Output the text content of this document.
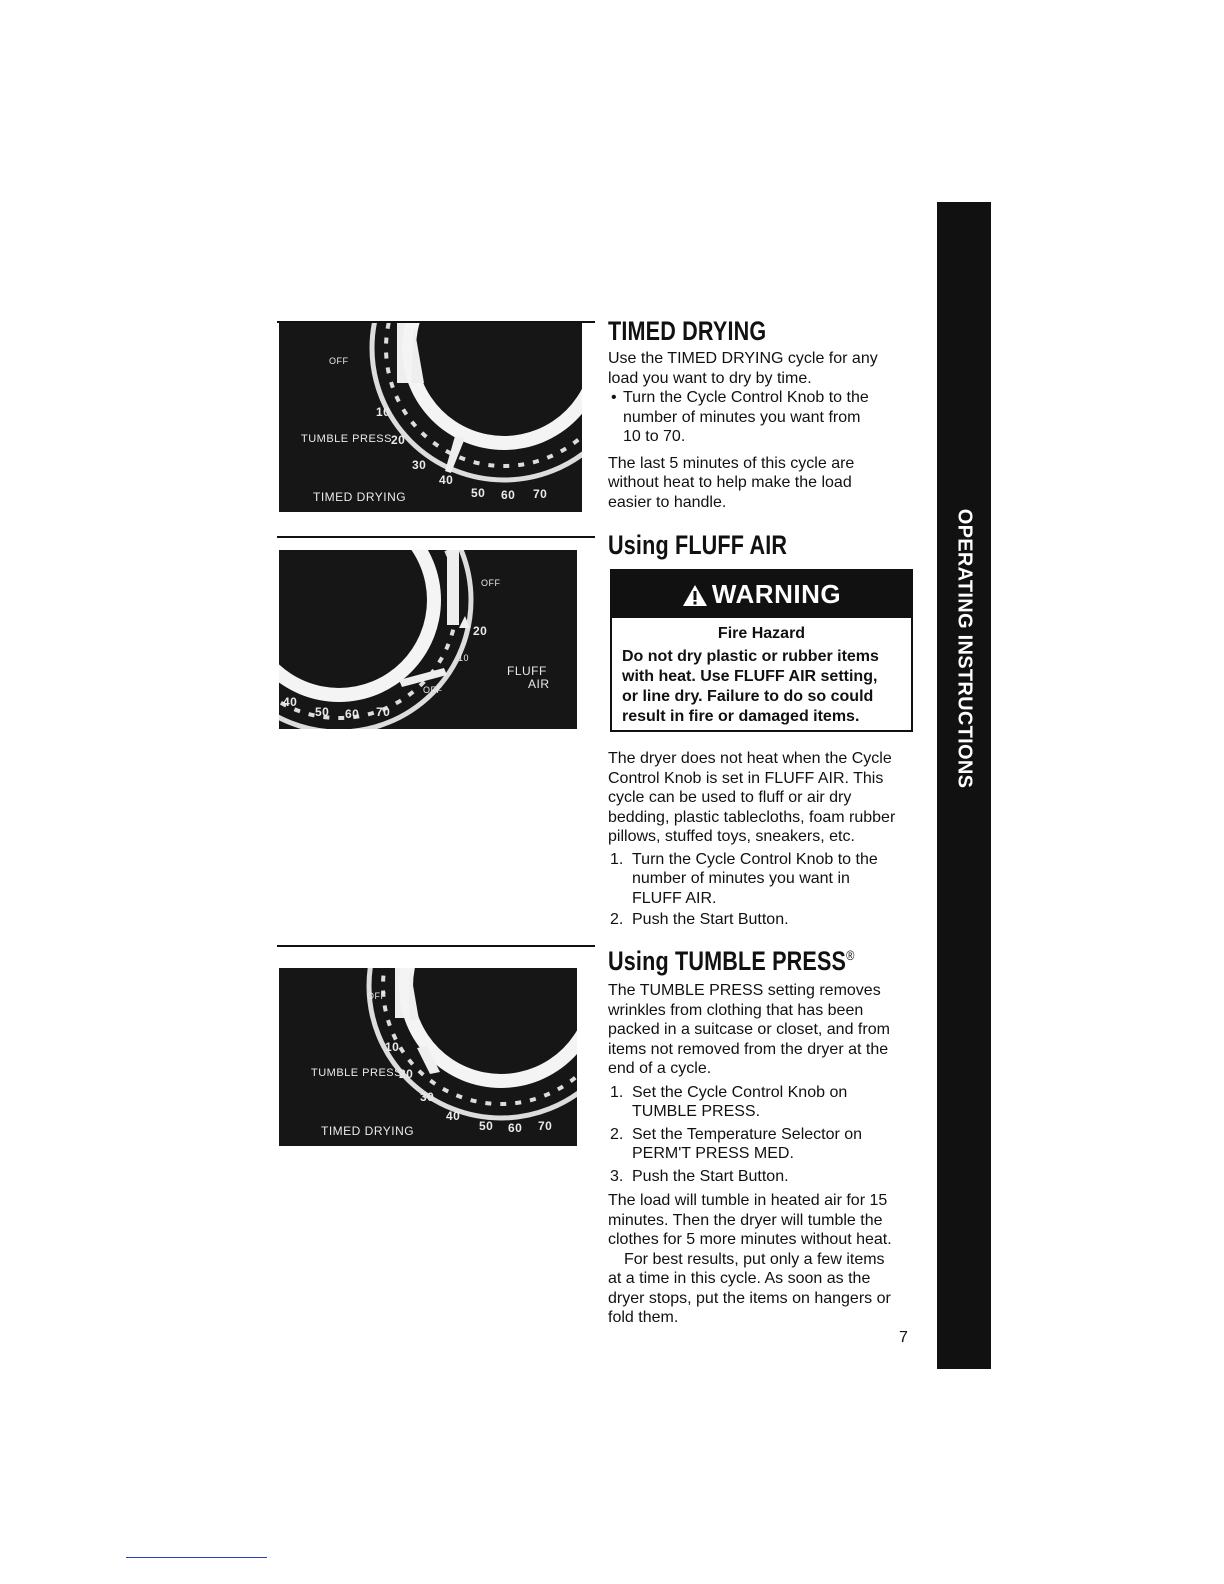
OFF
10
TUMBLE PRESS 20
30
40
TIMED DRYING	50 60 70
OFF
20
10
FLUFF
AIR
OFF
40
50 60 70
OFF
10
TUMBLE PRESS
20
30
40
TIMED DRYING	50 60 70
TIMED DRYING

Use the TIMED DRYING cycle for any

load you want to dry by time.

• Turn the Cycle Control Knob to the

number of minutes you want from

10 to 70.

The last 5 minutes of this cycle are

without heat to help make the load

easier to handle.

Using FLUFF AIR
WARNING
Fire Hazard
Do not dry plastic or rubber items
with heat. Use FLUFF AIR setting,
or line dry. Failure to do so could
result in fire or damaged items.

The dryer does not heat when the Cycle

Control Knob is set in FLUFF AIR. This

cycle can be used to fluff or air dry

bedding, plastic tablecloths, foam rubber

pillows, stuffed toys, sneakers, etc.

1. Turn the Cycle Control Knob to the

number of minutes you want in

FLUFF AIR.

2. Push the Start Button.

Using TUMBLE PRESS®

The TUMBLE PRESS setting removes

wrinkles from clothing that has been

packed in a suitcase or closet, and from

items not removed from the dryer at the

end of a cycle.

1. Set the Cycle Control Knob on

TUMBLE PRESS.

2. Set the Temperature Selector on

PERM'T PRESS MED.

3. Push the Start Button.

The load will tumble in heated air for 15

minutes. Then the dryer will tumble the

clothes for 5 more minutes without heat.

For best results, put only a few items

at a time in this cycle. As soon as the

dryer stops, put the items on hangers or

fold them.

OPERATING INSTRUCTIONS
7
